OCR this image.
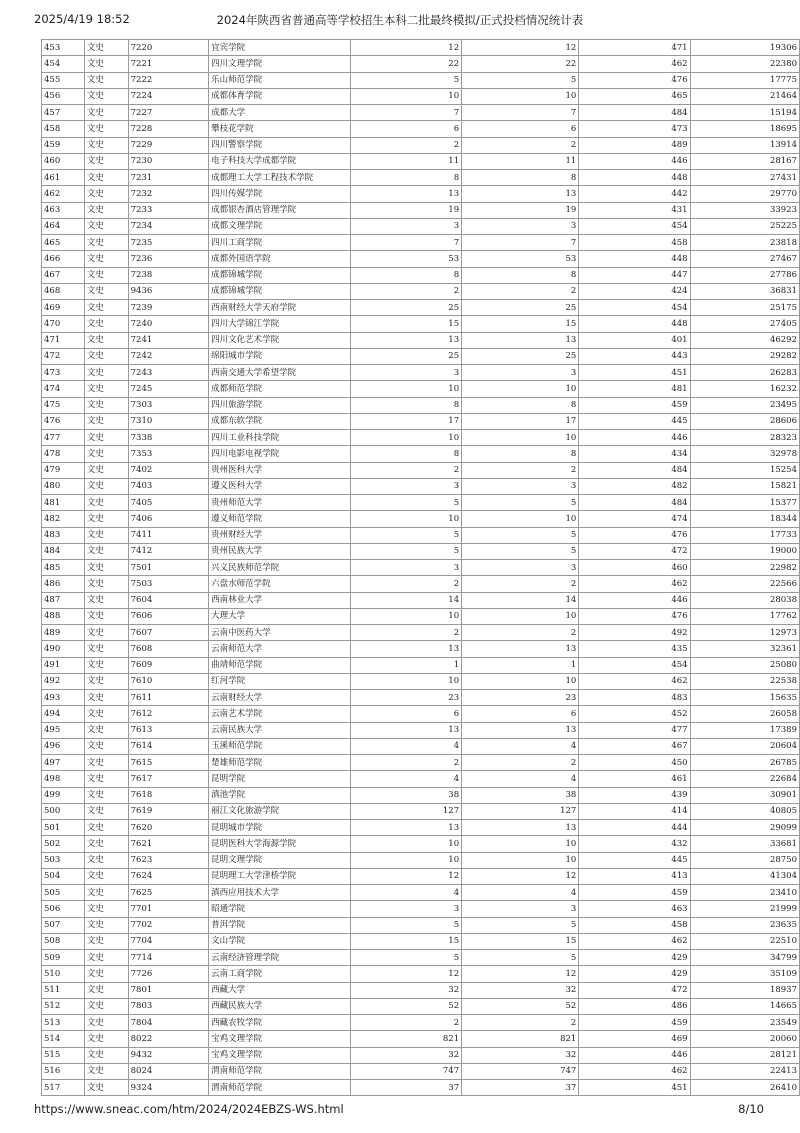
2025/4/19 18:52	2024年陕西省普通高等学校招生本科二批最终模拟/正式投档情况统计表
453	文史	7220	宜宾学院	12	12	471	19306
454	文史	7221	四川文理学院	22	22	462	22380
455	文史	7222	乐山师范学院	5	5	476	17775
456	文史	7224	成都体育学院	10	10	465	21464
457	文史	7227	成都大学	7	7	484	15194
458	文史	7228	攀枝花学院	6	6	473	18695
459	文史	7229	四川警察学院	2	2	489	13914
460	文史	7230	电子科技大学成都学院	11	11	446	28167
461	文史	7231	成都理工大学工程技术学院	8	8	448	27431
462	文史	7232	四川传媒学院	13	13	442	29770
463	文史	7233	成都银杏酒店管理学院	19	19	431	33923
464	文史	7234	成都文理学院	3	3	454	25225
465	文史	7235	四川工商学院	7	7	458	23818
466	文史	7236	成都外国语学院	53	53	448	27467
467	文史	7238	成都锦城学院	8	8	447	27786
468	文史	9436	成都锦城学院	2	2	424	36831
469	文史	7239	西南财经大学天府学院	25	25	454	25175
470	文史	7240	四川大学锦江学院	15	15	448	27405
471	文史	7241	四川文化艺术学院	13	13	401	46292
472	文史	7242	绵阳城市学院	25	25	443	29282
473	文史	7243	西南交通大学希望学院	3	3	451	26283
474	文史	7245	成都师范学院	10	10	481	16232
475	文史	7303	四川旅游学院	8	8	459	23495
476	文史	7310	成都东软学院	17	17	445	28606
477	文史	7338	四川工业科技学院	10	10	446	28323
478	文史	7353	四川电影电视学院	8	8	434	32978
479	文史	7402	贵州医科大学	2	2	484	15254
480	文史	7403	遵义医科大学	3	3	482	15821
481	文史	7405	贵州师范大学	5	5	484	15377
482	文史	7406	遵义师范学院	10	10	474	18344
483	文史	7411	贵州财经大学	5	5	476	17733
484	文史	7412	贵州民族大学	5	5	472	19000
485	文史	7501	兴义民族师范学院	3	3	460	22982
486	文史	7503	六盘水师范学院	2	2	462	22566
487	文史	7604	西南林业大学	14	14	446	28038
488	文史	7606	大理大学	10	10	476	17762
489	文史	7607	云南中医药大学	2	2	492	12973
490	文史	7608	云南师范大学	13	13	435	32361
491	文史	7609	曲靖师范学院	1	1	454	25080
492	文史	7610	红河学院	10	10	462	22538
493	文史	7611	云南财经大学	23	23	483	15635
494	文史	7612	云南艺术学院	6	6	452	26058
495	文史	7613	云南民族大学	13	13	477	17389
496	文史	7614	玉溪师范学院	4	4	467	20604
497	文史	7615	楚雄师范学院	2	2	450	26785
498	文史	7617	昆明学院	4	4	461	22684
499	文史	7618	滇池学院	38	38	439	30901
500	文史	7619	丽江文化旅游学院	127	127	414	40805
501	文史	7620	昆明城市学院	13	13	444	29099
502	文史	7621	昆明医科大学海源学院	10	10	432	33681
503	文史	7623	昆明文理学院	10	10	445	28750
504	文史	7624	昆明理工大学津桥学院	12	12	413	41304
505	文史	7625	滇西应用技术大学	4	4	459	23410
506	文史	7701	昭通学院	3	3	463	21999
507	文史	7702	普洱学院	5	5	458	23635
508	文史	7704	文山学院	15	15	462	22510
509	文史	7714	云南经济管理学院	5	5	429	34799
510	文史	7726	云南工商学院	12	12	429	35109
511	文史	7801	西藏大学	32	32	472	18937
512	文史	7803	西藏民族大学	52	52	486	14665
513	文史	7804	西藏农牧学院	2	2	459	23549
514	文史	8022	宝鸡文理学院	821	821	469	20060
515	文史	9432	宝鸡文理学院	32	32	446	28121
516	文史	8024	渭南师范学院	747	747	462	22413
517	文史	9324	渭南师范学院	37	37	451	26410
https://www.sneac.com/htm/2024/2024EBZS-WS.html	8/10
